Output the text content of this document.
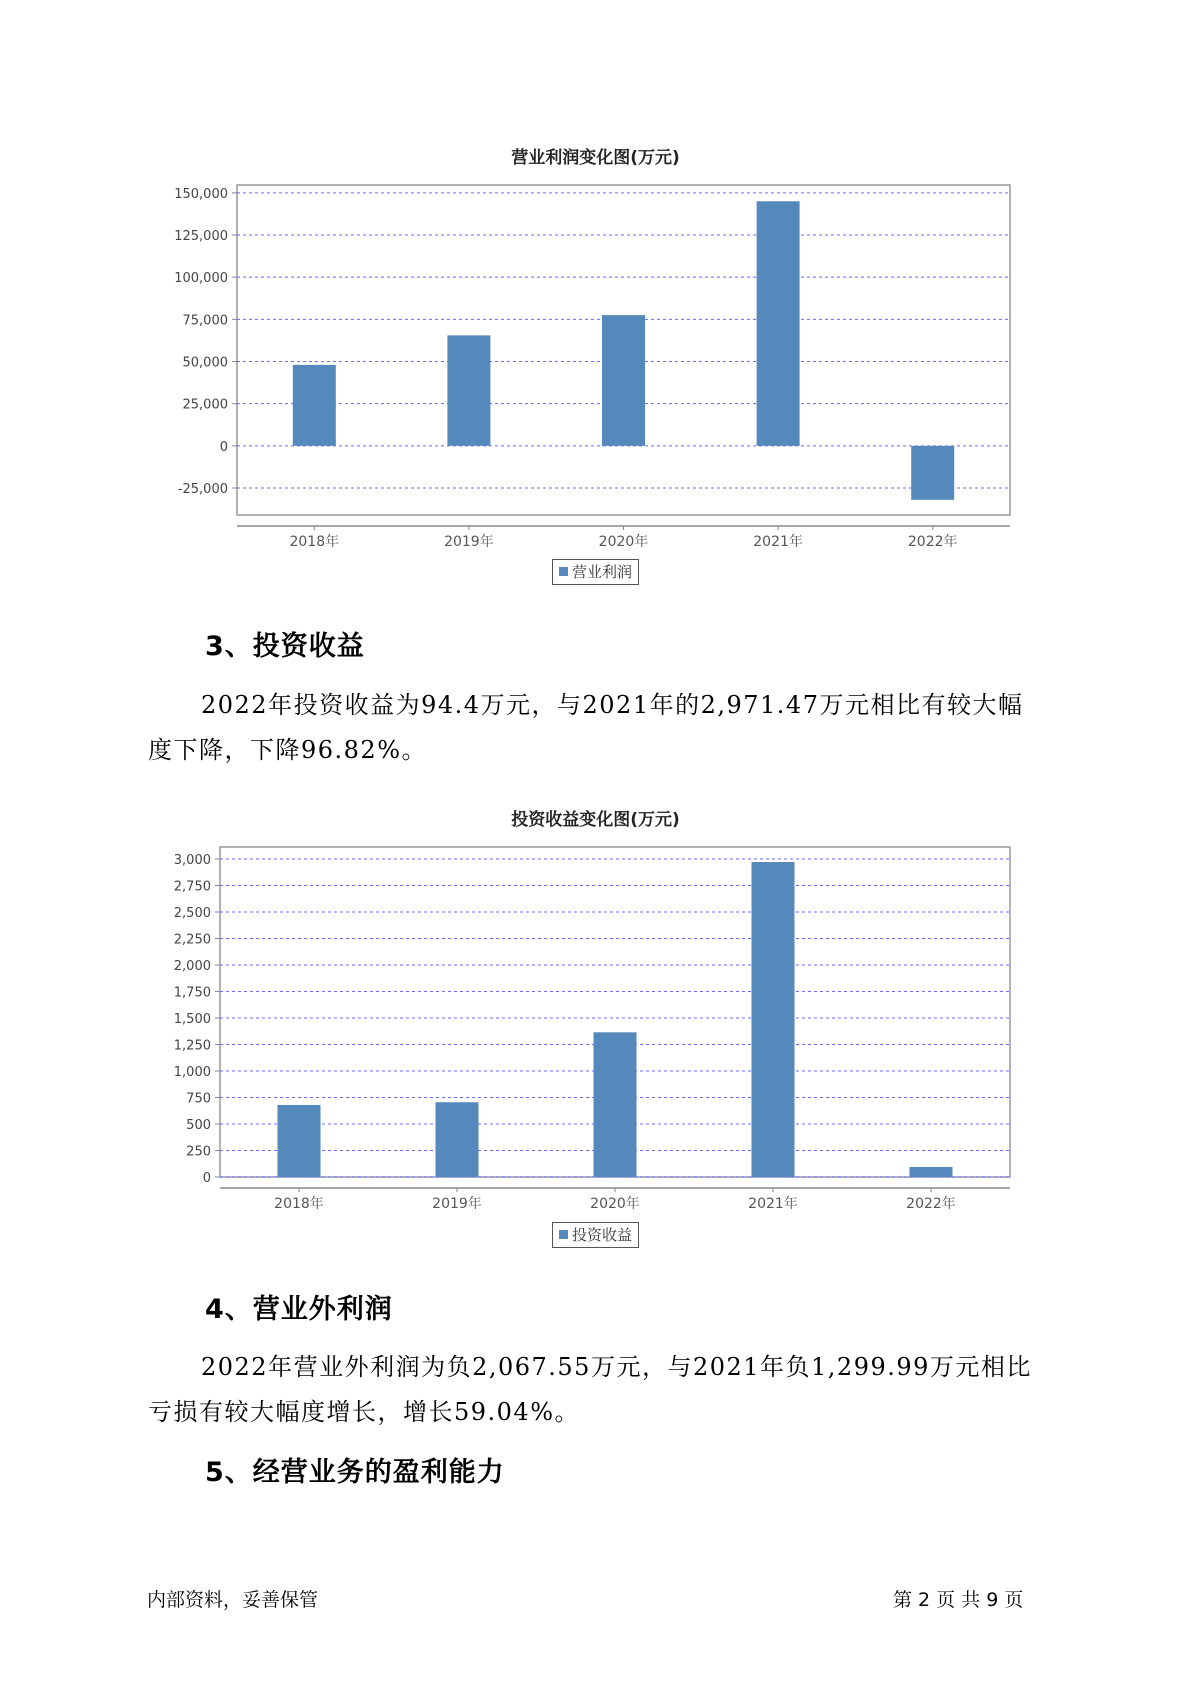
营业利润变化图(万元)
150,000
125,000
100,000
75,000
50,000
25,000
0
-25,000
2018年	2019年	2020年	2021年	2022年
营业利润
3、投资收益

2022年投资收益为94.4万元，与2021年的2,971.47万元相比有较大幅度下降，下降96.82%。

投资收益变化图(万元)
3,000
2,750
2,500
2,250
2,000
1,750
1,500
1,250
1,000
750
500
250
0
2018年	2019年	2020年	2021年	2022年
投资收益
4、营业外利润

2022年营业外利润为负2,067.55万元，与2021年负1,299.99万元相比亏损有较大幅度增长，增长59.04%。

5、经营业务的盈利能力
内部资料，妥善保管	第 2 页 共 9 页
